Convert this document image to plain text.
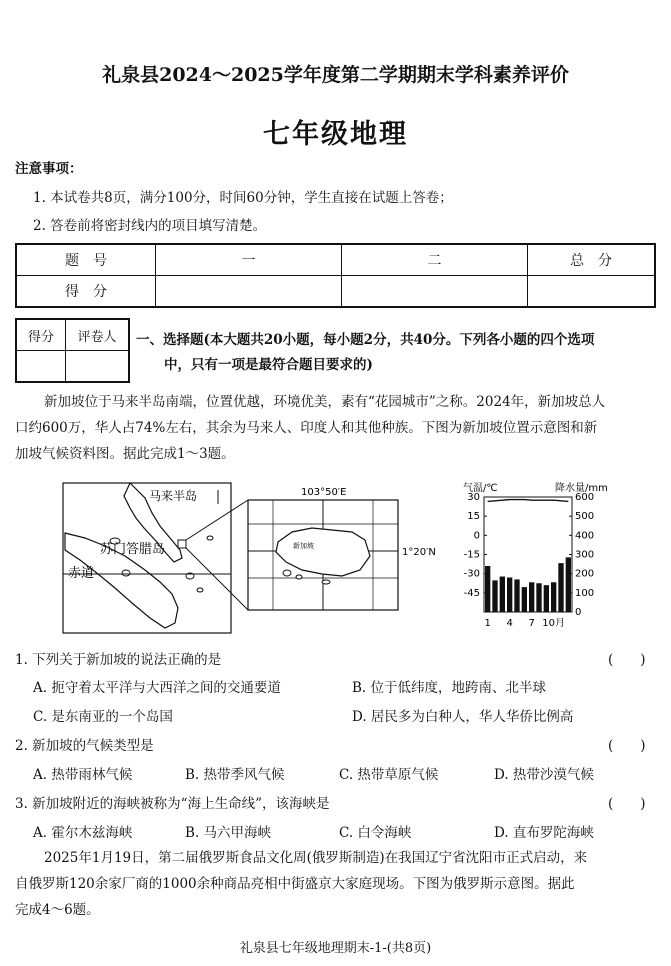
礼泉县2024～2025学年度第二学期期末学科素养评价
七年级地理
注意事项：
1. 本试卷共8页，满分100分，时间60分钟，学生直接在试题上答卷；
2. 答卷前将密封线内的项目填写清楚。
题　号	一	二	总　分
得　分			
得分	评卷人
	一、选择题(本大题共20小题，每小题2分，共40分。下列各小题的四个选项
中，只有一项是最符合题目要求的)
新加坡位于马来半岛南端，位置优越，环境优美，素有“花园城市”之称。2024年，新加坡总人
口约600万，华人占74%左右，其余为马来人、印度人和其他种族。下图为新加坡位置示意图和新
加坡气候资料图。据此完成1～3题。
赤道
马来半岛
苏门答腊岛	新加坡
103°50′E
1°20′N
气温/℃	降水量/mm
30
15
0
-15
-30
-45
600
500
400
300
200
100
0
1 4 7 10月
1. 下列关于新加坡的说法正确的是	(　　)
A. 扼守着太平洋与大西洋之间的交通要道	B. 位于低纬度，地跨南、北半球
C. 是东南亚的一个岛国	D. 居民多为白种人，华人华侨比例高
2. 新加坡的气候类型是	(　　)
A. 热带雨林气候	B. 热带季风气候	C. 热带草原气候	D. 热带沙漠气候
3. 新加坡附近的海峡被称为“海上生命线”，该海峡是	(　　)
A. 霍尔木兹海峡	B. 马六甲海峡	C. 白令海峡	D. 直布罗陀海峡
2025年1月19日，第二届俄罗斯食品文化周(俄罗斯制造)在我国辽宁省沈阳市正式启动，来
自俄罗斯120余家厂商的1000余种商品亮相中街盛京大家庭现场。下图为俄罗斯示意图。据此
完成4～6题。
礼泉县七年级地理期末-1-(共8页)
